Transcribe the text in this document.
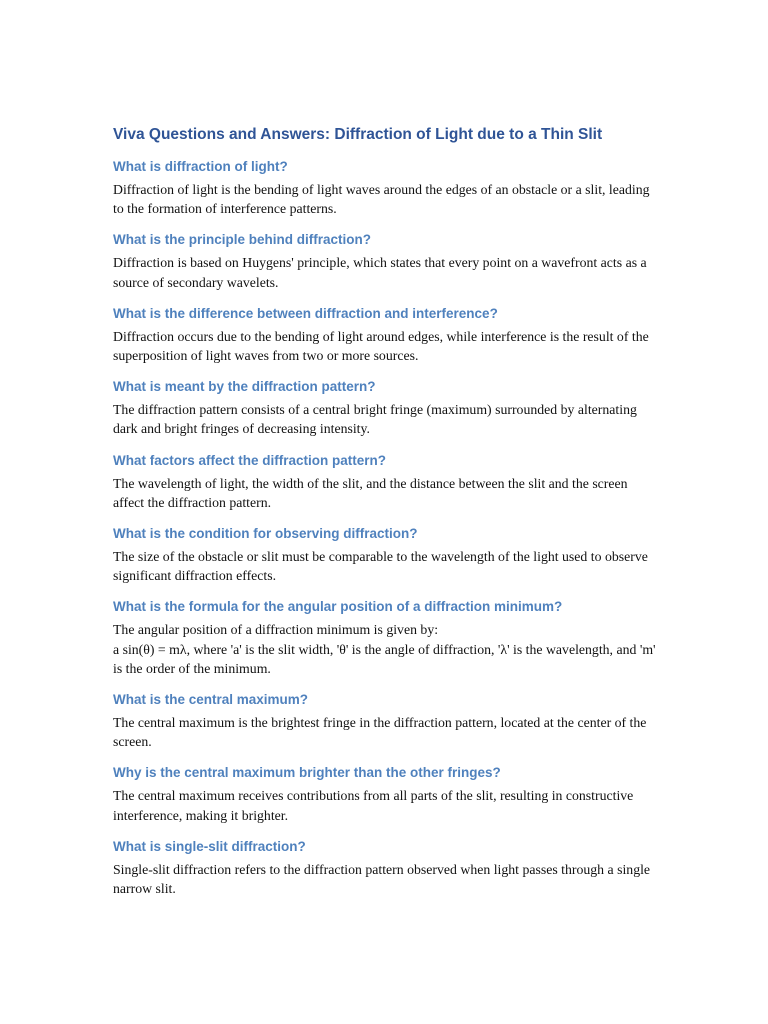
Viva Questions and Answers: Diffraction of Light due to a Thin Slit
What is diffraction of light?

Diffraction of light is the bending of light waves around the edges of an obstacle or a slit, leading to the formation of interference patterns.

What is the principle behind diffraction?

Diffraction is based on Huygens' principle, which states that every point on a wavefront acts as a source of secondary wavelets.

What is the difference between diffraction and interference?

Diffraction occurs due to the bending of light around edges, while interference is the result of the superposition of light waves from two or more sources.

What is meant by the diffraction pattern?

The diffraction pattern consists of a central bright fringe (maximum) surrounded by alternating dark and bright fringes of decreasing intensity.

What factors affect the diffraction pattern?

The wavelength of light, the width of the slit, and the distance between the slit and the screen affect the diffraction pattern.

What is the condition for observing diffraction?

The size of the obstacle or slit must be comparable to the wavelength of the light used to observe significant diffraction effects.

What is the formula for the angular position of a diffraction minimum?

The angular position of a diffraction minimum is given by:

a sin(θ) = mλ, where 'a' is the slit width, 'θ' is the angle of diffraction, 'λ' is the wavelength, and 'm' is the order of the minimum.

What is the central maximum?

The central maximum is the brightest fringe in the diffraction pattern, located at the center of the screen.

Why is the central maximum brighter than the other fringes?

The central maximum receives contributions from all parts of the slit, resulting in constructive interference, making it brighter.

What is single-slit diffraction?

Single-slit diffraction refers to the diffraction pattern observed when light passes through a single narrow slit.
